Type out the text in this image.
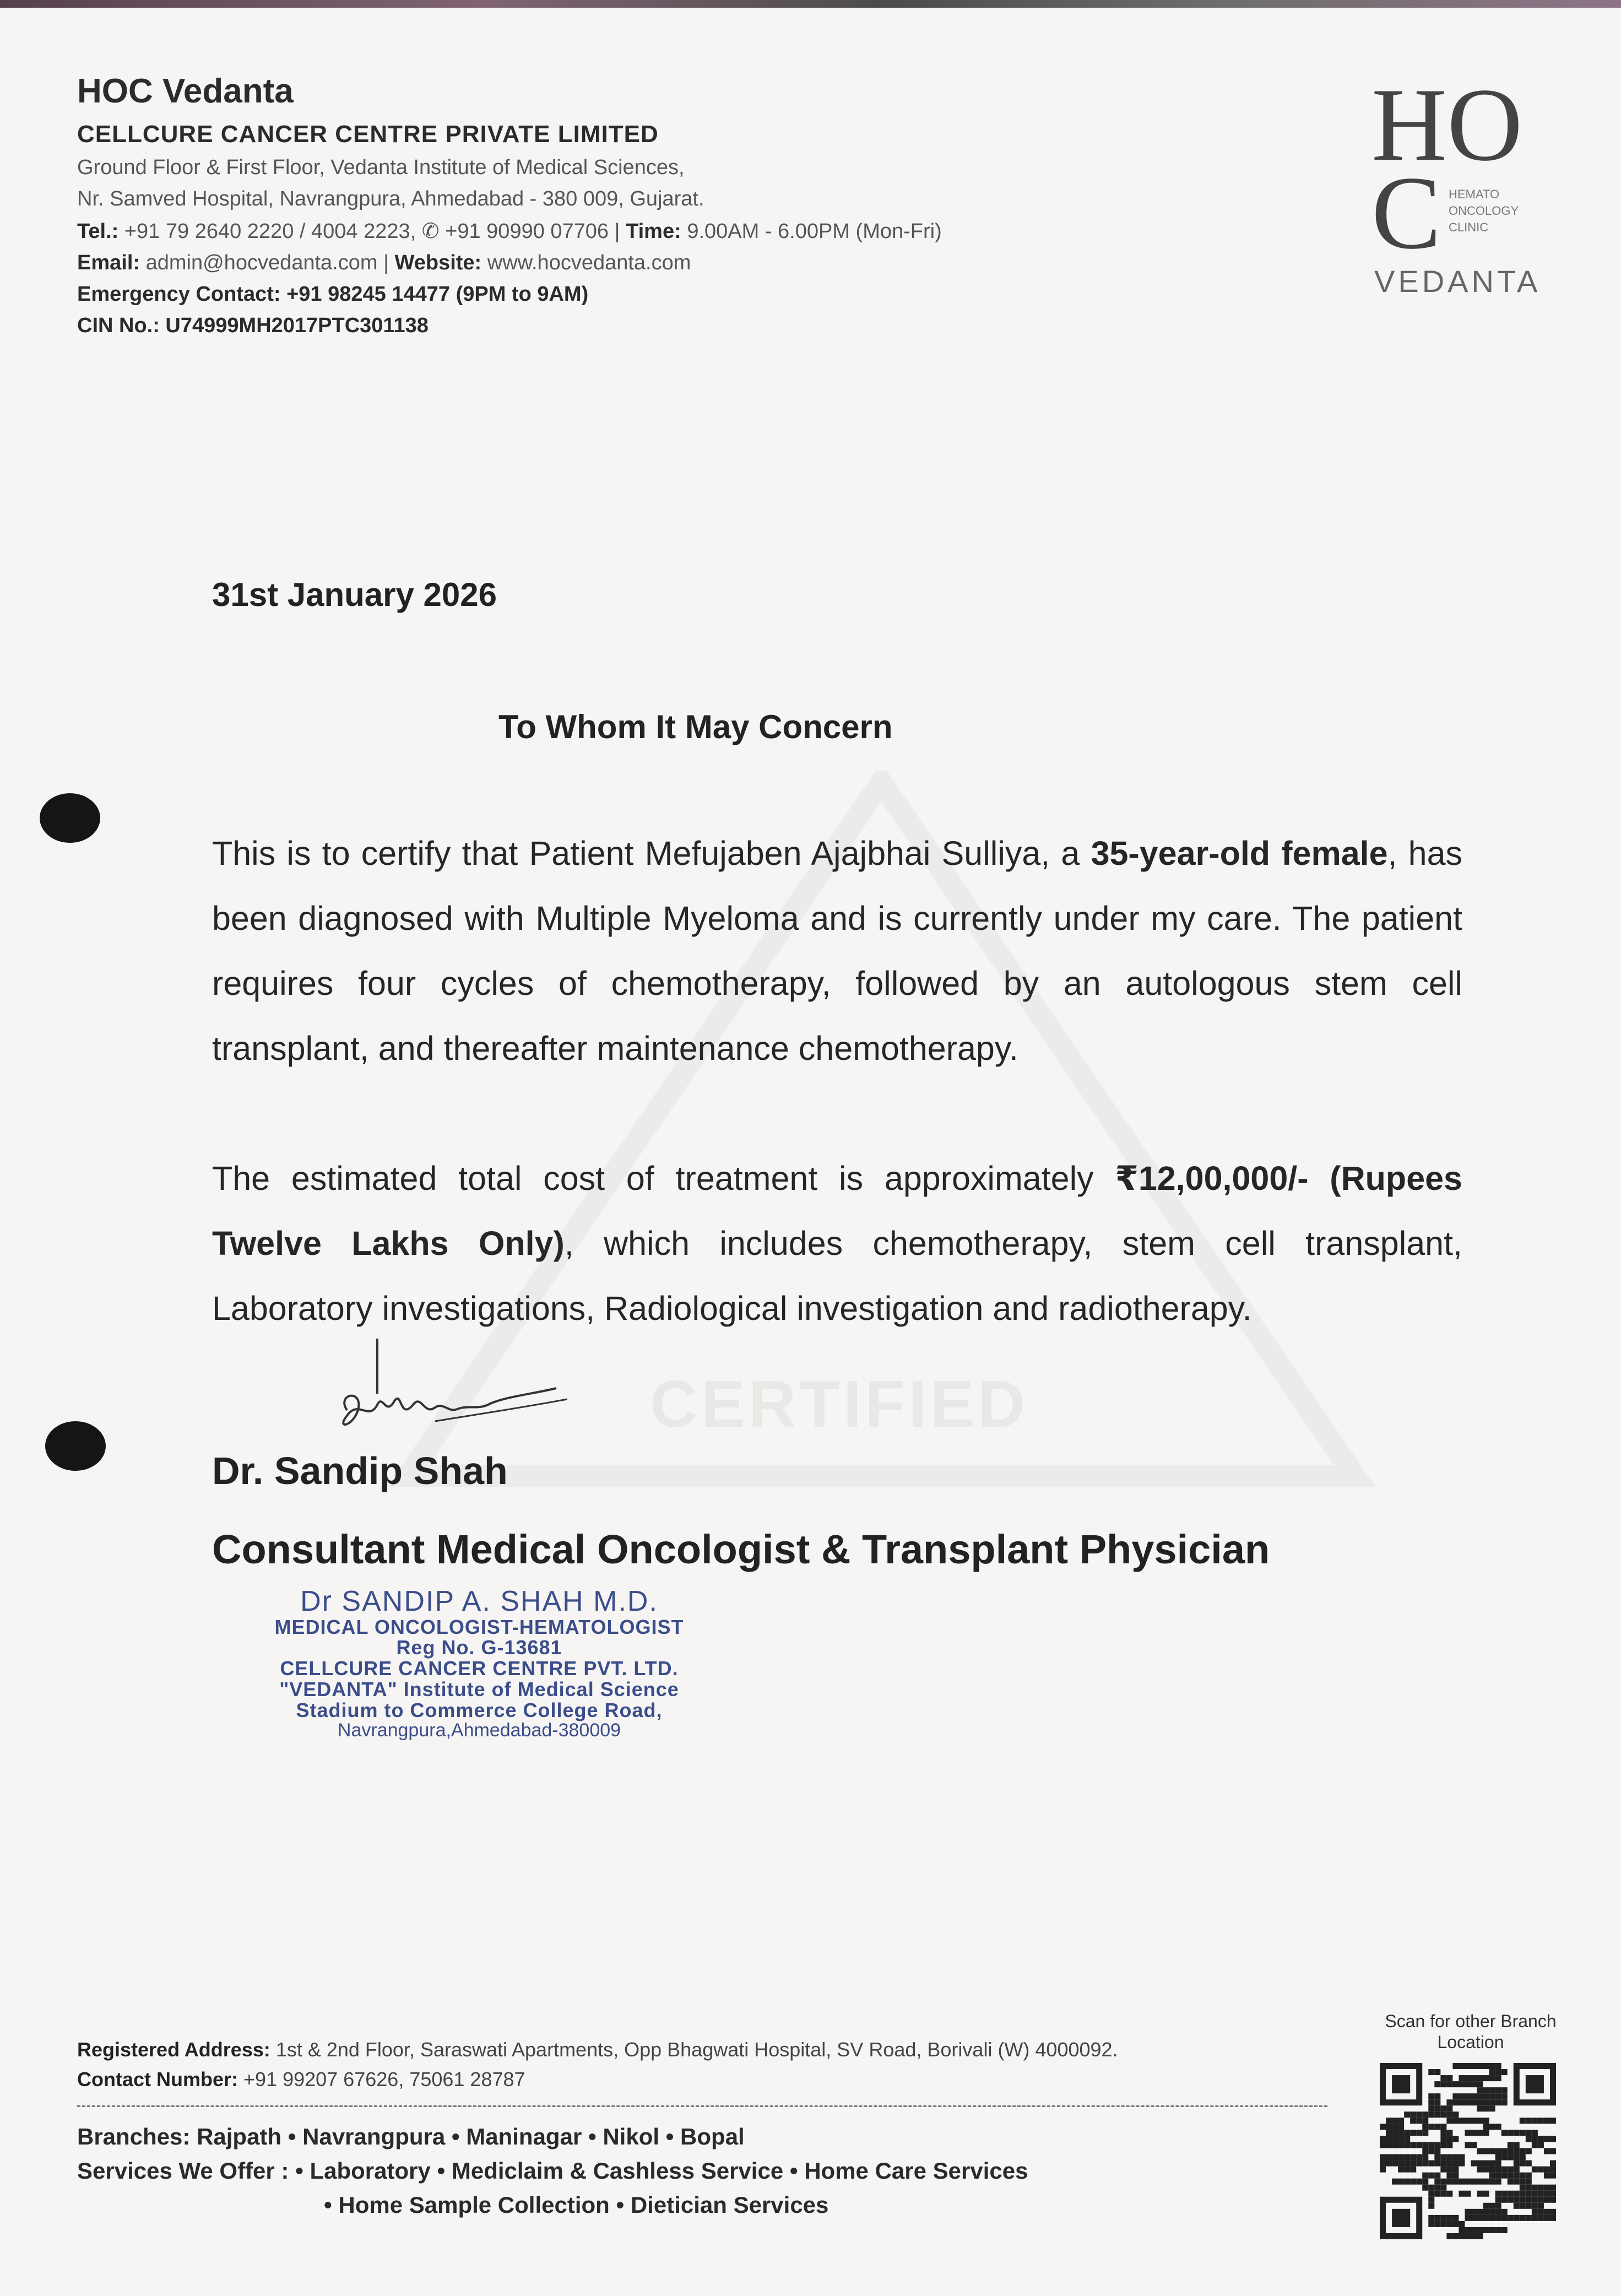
CERTIFIED
HOC Vedanta
CELLCURE CANCER CENTRE PRIVATE LIMITED
Ground Floor & First Floor, Vedanta Institute of Medical Sciences,
Nr. Samved Hospital, Navrangpura, Ahmedabad - 380 009, Gujarat.
Tel.: +91 79 2640 2220 / 4004 2223, ✆ +91 90990 07706 | Time: 9.00AM - 6.00PM (Mon-Fri)
Email: admin@hocvedanta.com | Website: www.hocvedanta.com
Emergency Contact: +91 98245 14477 (9PM to 9AM)
CIN No.: U74999MH2017PTC301138
HO
C HEMATO
ONCOLOGY
CLINIC
VEDANTA
31st January 2026
To Whom It May Concern
This is to certify that Patient Mefujaben Ajajbhai Sulliya, a 35-year-old female, has been diagnosed with Multiple Myeloma and is currently under my care. The patient requires four cycles of chemotherapy, followed by an autologous stem cell transplant, and thereafter maintenance chemotherapy.
The estimated total cost of treatment is approximately ₹12,00,000/- (Rupees Twelve Lakhs Only), which includes chemotherapy, stem cell transplant, Laboratory investigations, Radiological investigation and radiotherapy.
Dr. Sandip Shah
Consultant Medical Oncologist & Transplant Physician
Dr SANDIP A. SHAH M.D.
MEDICAL ONCOLOGIST-HEMATOLOGIST
Reg No. G-13681
CELLCURE CANCER CENTRE PVT. LTD.
"VEDANTA" Institute of Medical Science
Stadium to Commerce College Road,
Navrangpura,Ahmedabad-380009
Registered Address: 1st & 2nd Floor, Saraswati Apartments, Opp Bhagwati Hospital, SV Road, Borivali (W) 4000092.
Contact Number: +91 99207 67626, 75061 28787
Branches: Rajpath • Navrangpura • Maninagar • Nikol • Bopal
Services We Offer : • Laboratory • Mediclaim & Cashless Service • Home Care Services
• Home Sample Collection • Dietician Services
Scan for other Branch Location
